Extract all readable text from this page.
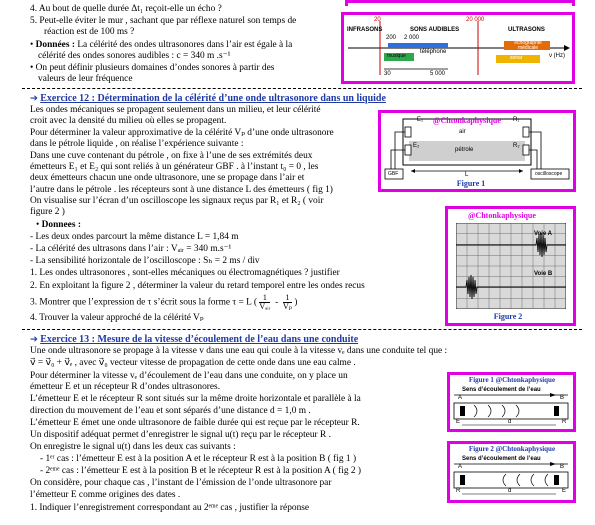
4. Au bout de quelle durée Δt₁ reçoit-elle un écho ?
5. Peut-elle éviter le mur , sachant que par réflexe naturel son temps de
réaction est de 100 ms ?
• Données : La célérité des ondes ultrasonores dans l’air est égale à la
célérité des ondes sonores audibles : c = 340 m .s⁻¹
• On peut définir plusieurs domaines d’ondes sonores à partir des
valeurs de leur fréquence
INFRASONS	SONS AUDIBLES	ULTRASONS
20	20 000
200 2 000
téléphone
échographie médicale
musique	sonar
30	5 000
ν (Hz)
➔ Exercice 12 : Détermination de la célérité d’une onde ultrasonore dans un liquide
Les ondes mécaniques se propagent seulement dans un milieu, et leur célérité
croit avec la densité du milieu où elles se propagent.
Pour déterminer la valeur approximative de la célérité Vₚ d’une onde ultrasonore
dans le pétrole liquide , on réalise l’expérience suivante :
Dans une cuve contenant du pétrole , on fixe à l’une de ses extrémités deux
émetteurs E₁ et E₂ qui sont reliés à un générateur GBF . à l’instant t₀ = 0 , les
deux émetteurs chacun une onde ultrasonore, une se propage dans l’air et
l’autre dans le pétrole . les récepteurs sont à une distance L des émetteurs ( fig 1)
On visualise sur l’écran d’un oscilloscope les signaux reçus par R₁ et R₂ ( voir
figure 2 )
• Donnees :
- Les deux ondes parcourt la même distance L = 1,84 m
- La célérité des ultrasons dans l’air : Vₐᵢᵣ = 340 m.s⁻¹
- La sensibilité horizontale de l’oscilloscope : Sₕ = 2 ms / div
1. Les ondes ultrasonores , sont-elles mécaniques ou électromagnétiques ? justifier
2. En exploitant la figure 2 , déterminer la valeur du retard temporel entre les ondes recus
3. Montrer que l’expression de τ s’écrit sous la forme τ = L (
1
Vₐᵢᵣ - $\frac{1}{\text{Vₚ}}$ )
4. Trouver la valeur approché de la célérité Vₚ
E₁ @Chtonkaphysique R₁
air
E₂
pétrole
R₂
GBF	oscilloscope
L
Figure 1
@Chtonkaphysique
Voie A
Voie B
Figure 2
➔ Exercice 13 : Mesure de la vitesse d’écoulement de l’eau dans une conduite
Une onde ultrasonore se propage à la vitesse v dans une eau qui coule à la vitesse vₑ dans une conduite tel que :
v⃗ = v⃗₀ + v⃗ₑ , avec v⃗₀ vecteur vitesse de propagation de cette onde dans une eau calme .
Pour déterminer la vitesse vₑ d’écoulement de l’eau dans une conduite, on y place un
émetteur E et un récepteur R d’ondes ultrasonores.
L’émetteur E et le récepteur R sont situés sur la même droite horizontale et parallèle à la
direction du mouvement de l’eau et sont séparés d’une distance d = 1,0 m .
L’émetteur E émet une onde ultrasonore de faible durée qui est reçue par le récepteur R.
Un dispositif adéquat permet d’enregistrer le signal u(t) reçu par le récepteur R .
On enregistre le signal u(t) dans les deux cas suivants :
- 1ᵉʳ cas : l’émetteur E est à la position A et le récepteur R est à la position B ( fig 1 )
- 2ᵉᵐᵉ cas : l’émetteur E est à la position B et le récepteur R est à la position A ( fig 2 )
On considère, pour chaque cas , l’instant de l’émission de l’onde ultrasonore par
l’émetteur E comme origines des dates .
1. Indiquer l’enregistrement correspondant au 2ᵉᵐᵉ cas , justifier la réponse
Figure 1 @Chtonkaphysique
Sens d’écoulement de l’eau
A	B
E	R
d
Figure 2 @Chtonkaphysique
Sens d’écoulement de l’eau
A	B
R	E
d
